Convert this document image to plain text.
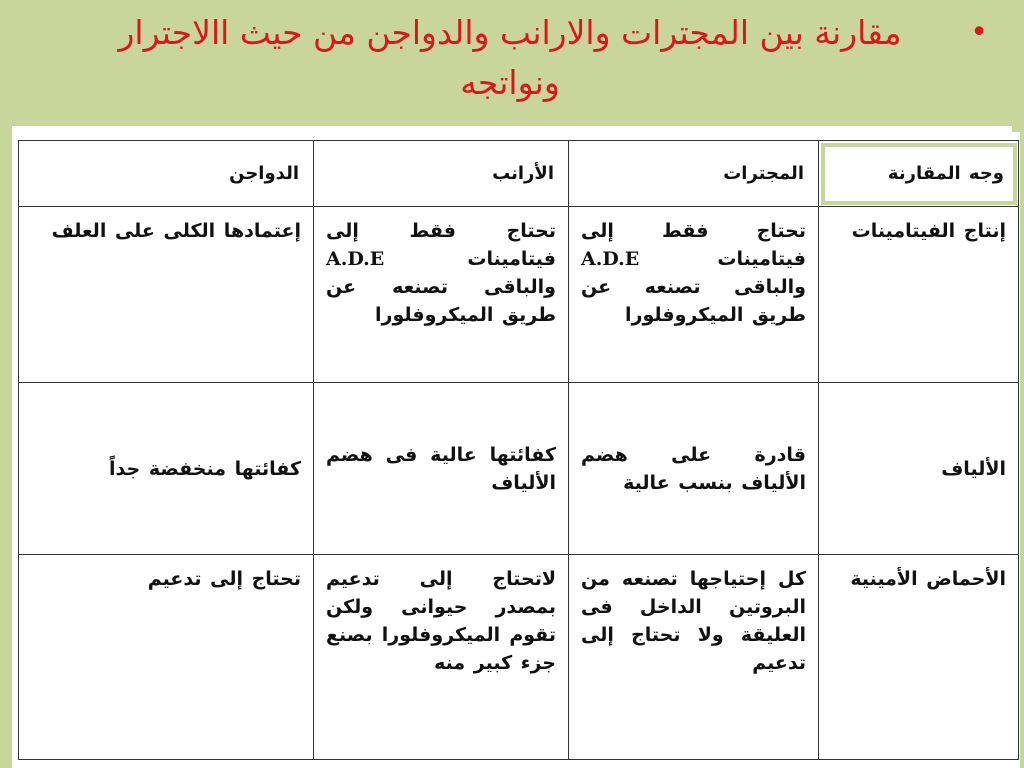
•
مقارنة بين المجترات والارانب والدواجن من حيث االاجترار
ونواتجه
وجه المقارنة	المجترات	الأرانب	الدواجن
إنتاج الفيتامينات	تحتاج فقط إلى فيتامينات A.D.E والباقى تصنعه عن طريق الميكروفلورا	تحتاج فقط إلى فيتامينات A.D.E والباقى تصنعه عن طريق الميكروفلورا	إعتمادها الكلى على العلف
الألياف	قادرة على هضم الألياف بنسب عالية	كفائتها عالية فى هضم الألياف	كفائتها منخفضة جداً
الأحماض الأمينية	كل إحتياجها تصنعه من البروتين الداخل فى العليقة ولا تحتاج إلى تدعيم	لاتحتاج إلى تدعيم بمصدر حيوانى ولكن تقوم الميكروفلورا بصنع جزء كبير منه	تحتاج إلى تدعيم
